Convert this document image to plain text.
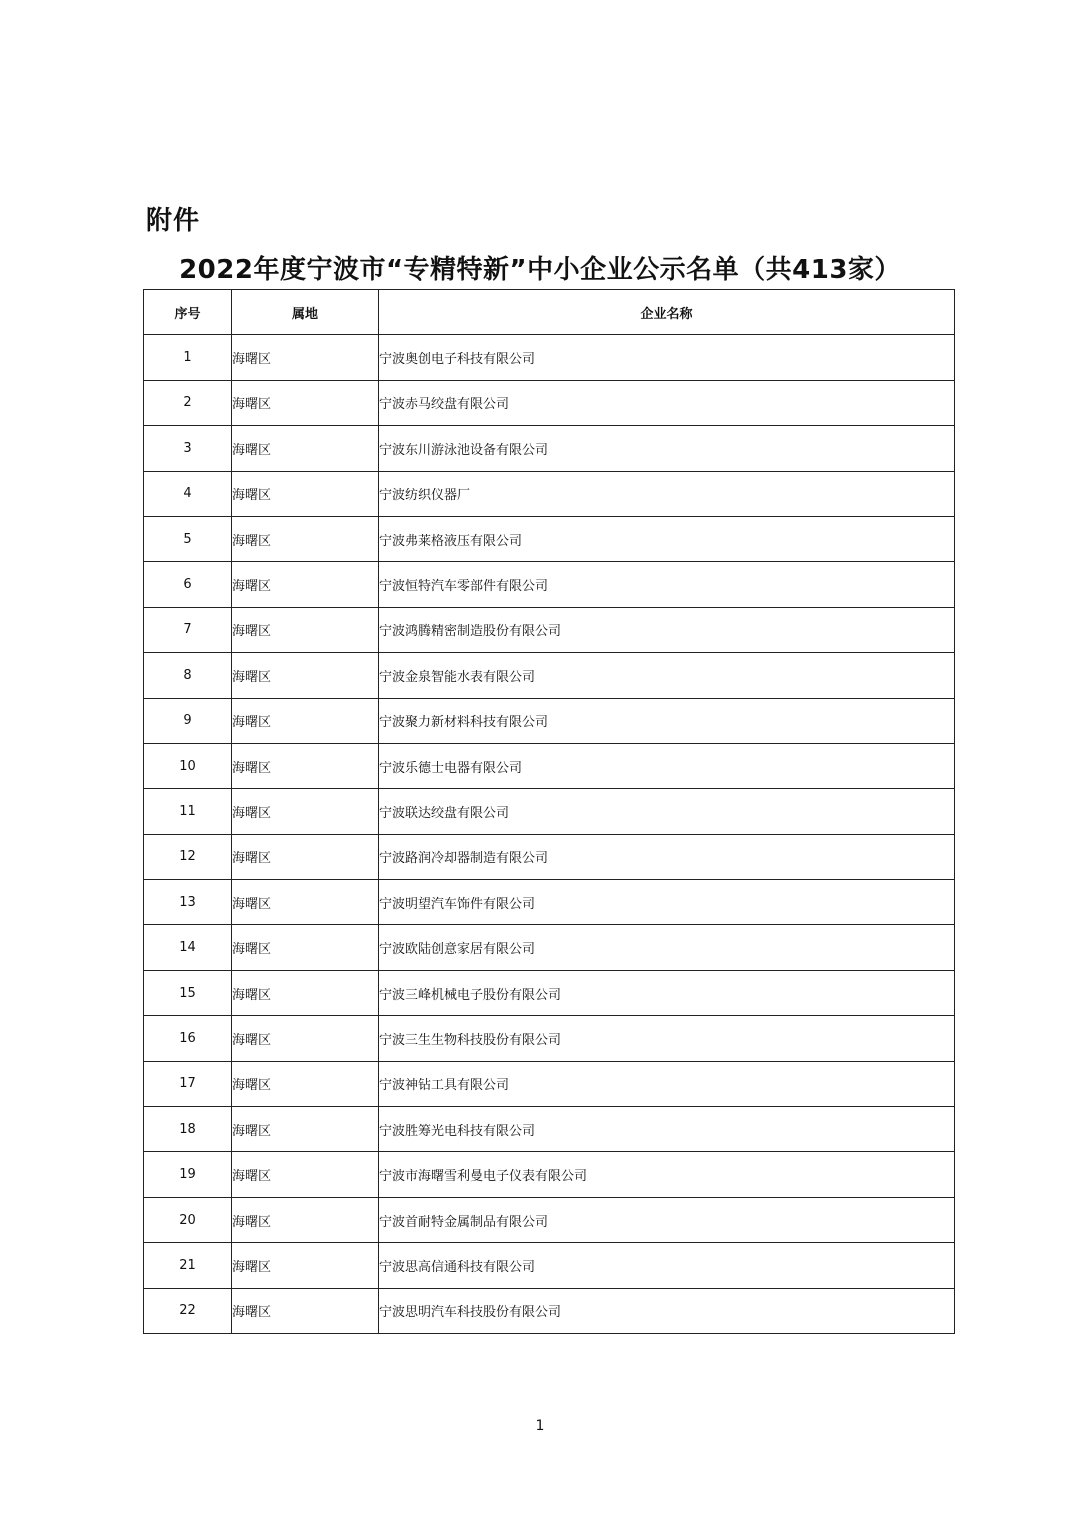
附件
2022年度宁波市“专精特新”中小企业公示名单（共413家）
序号	属地	企业名称
1	海曙区	宁波奥创电子科技有限公司
2	海曙区	宁波赤马绞盘有限公司
3	海曙区	宁波东川游泳池设备有限公司
4	海曙区	宁波纺织仪器厂
5	海曙区	宁波弗莱格液压有限公司
6	海曙区	宁波恒特汽车零部件有限公司
7	海曙区	宁波鸿腾精密制造股份有限公司
8	海曙区	宁波金泉智能水表有限公司
9	海曙区	宁波聚力新材料科技有限公司
10	海曙区	宁波乐德士电器有限公司
11	海曙区	宁波联达绞盘有限公司
12	海曙区	宁波路润冷却器制造有限公司
13	海曙区	宁波明望汽车饰件有限公司
14	海曙区	宁波欧陆创意家居有限公司
15	海曙区	宁波三峰机械电子股份有限公司
16	海曙区	宁波三生生物科技股份有限公司
17	海曙区	宁波神钻工具有限公司
18	海曙区	宁波胜筹光电科技有限公司
19	海曙区	宁波市海曙雪利曼电子仪表有限公司
20	海曙区	宁波首耐特金属制品有限公司
21	海曙区	宁波思高信通科技有限公司
22	海曙区	宁波思明汽车科技股份有限公司
1
